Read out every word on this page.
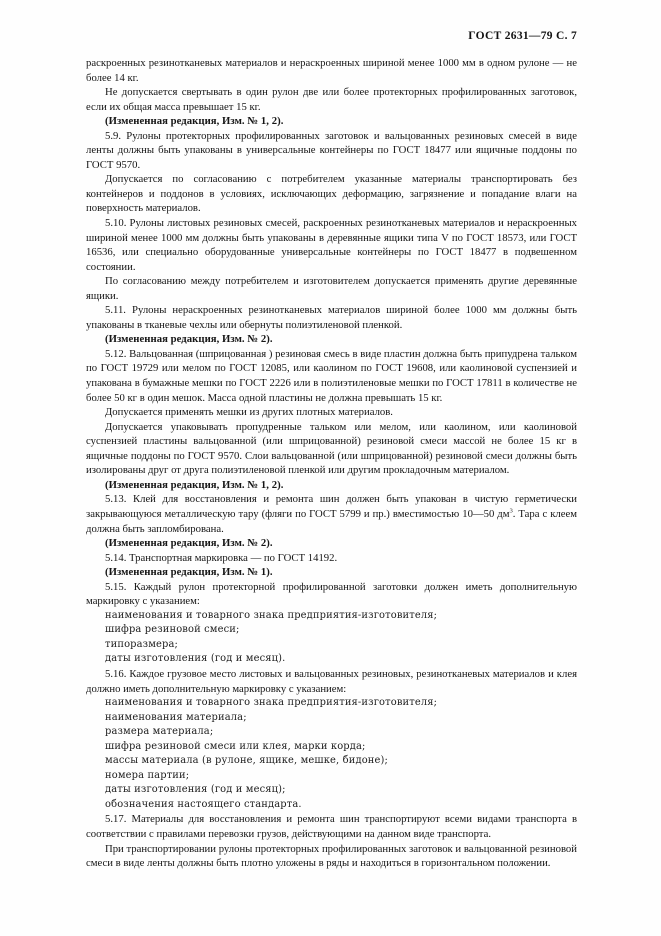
ГОСТ 2631—79 С. 7

раскроенных резинотканевых материалов и нераскроенных шириной менее 1000 мм в одном рулоне — не более 14 кг.

Не допускается свертывать в один рулон две или более протекторных профилированных заготовок, если их общая масса превышает 15 кг.

(Измененная редакция, Изм. № 1, 2).

5.9. Рулоны протекторных профилированных заготовок и вальцованных резиновых смесей в виде ленты должны быть упакованы в универсальные контейнеры по ГОСТ 18477 или ящичные поддоны по ГОСТ 9570.

Допускается по согласованию с потребителем указанные материалы транспортировать без контейнеров и поддонов в условиях, исключающих деформацию, загрязнение и попадание влаги на поверхность материалов.

5.10. Рулоны листовых резиновых смесей, раскроенных резинотканевых материалов и нераскроенных шириной менее 1000 мм должны быть упакованы в деревянные ящики типа V по ГОСТ 18573, или ГОСТ 16536, или специально оборудованные универсальные контейнеры по ГОСТ 18477 в подвешенном состоянии.

По согласованию между потребителем и изготовителем допускается применять другие деревянные ящики.

5.11. Рулоны нераскроенных резинотканевых материалов шириной более 1000 мм должны быть упакованы в тканевые чехлы или обернуты полиэтиленовой пленкой.

(Измененная редакция, Изм. № 2).

5.12. Вальцованная (шприцованная ) резиновая смесь в виде пластин должна быть припудрена тальком по ГОСТ 19729 или мелом по ГОСТ 12085, или каолином по ГОСТ 19608, или каолиновой суспензией и упакована в бумажные мешки по ГОСТ 2226 или в полиэтиленовые мешки по ГОСТ 17811 в количестве не более 50 кг в один мешок. Масса одной пластины не должна превышать 15 кг.

Допускается применять мешки из других плотных материалов.

Допускается упаковывать пропудренные тальком или мелом, или каолином, или каолиновой суспензией пластины вальцованной (или шприцованной) резиновой смеси массой не более 15 кг в ящичные поддоны по ГОСТ 9570. Слои вальцованной (или шприцованной) резиновой смеси должны быть изолированы друг от друга полиэтиленовой пленкой или другим прокладочным материалом.

(Измененная редакция, Изм. № 1, 2).

5.13. Клей для восстановления и ремонта шин должен быть упакован в чистую герметически закрывающуюся металлическую тару (фляги по ГОСТ 5799 и пр.) вместимостью 10—50 $дм^3$. Тара с клеем должна быть запломбирована.

(Измененная редакция, Изм. № 2).

5.14. Транспортная маркировка — по ГОСТ 14192.

(Измененная редакция, Изм. № 1).

5.15. Каждый рулон протекторной профилированной заготовки должен иметь дополнительную маркировку с указанием:

наименования и товарного знака предприятия-изготовителя;

шифра резиновой смеси;

типоразмера;

даты изготовления (год и месяц).

5.16. Каждое грузовое место листовых и вальцованных резиновых, резинотканевых материалов и клея должно иметь дополнительную маркировку с указанием:

наименования и товарного знака предприятия-изготовителя;

наименования материала;

размера материала;

шифра резиновой смеси или клея, марки корда;

массы материала (в рулоне, ящике, мешке, бидоне);

номера партии;

даты изготовления (год и месяц);

обозначения настоящего стандарта.

5.17. Материалы для восстановления и ремонта шин транспортируют всеми видами транспорта в соответствии с правилами перевозки грузов, действующими на данном виде транспорта.

При транспортировании рулоны протекторных профилированных заготовок и вальцованной резиновой смеси в виде ленты должны быть плотно уложены в ряды и находиться в горизонтальном положении.
